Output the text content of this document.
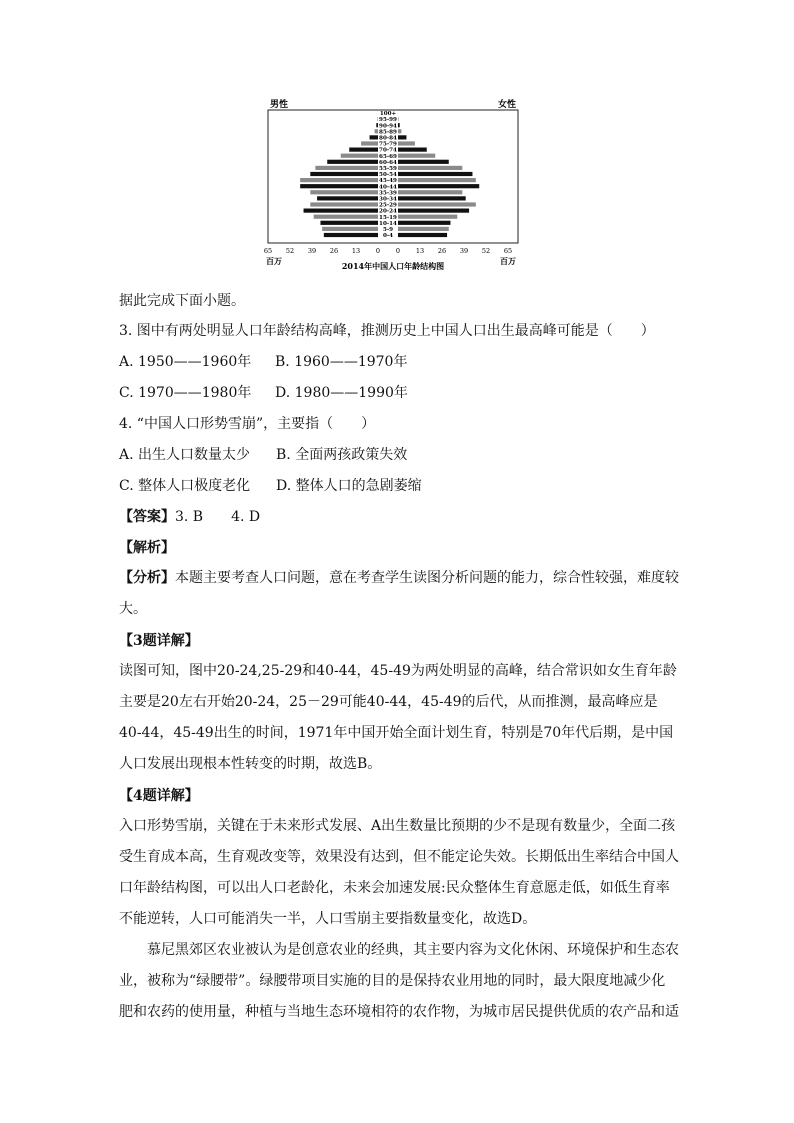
男性	女性
0-4
5-9
10-14
15-19
20-24
25-29
30-34
35-39
40-44
45-49
50-54
55-59
60-64
65-69
70-74
75-79
80-84
85-89
90-94
95-99
100+
65 52 39 26 13 0 0 13 26 39 52 65
百万	百万
2014年中国人口年龄结构图
据此完成下面小题。
3. 图中有两处明显人口年龄结构高峰，推测历史上中国人口出生最高峰可能是（　　）
A. 1950——1960年 B. 1960——1970年
C. 1970——1980年 D. 1980——1990年
4. “中国人口形势雪崩”，主要指（　　）
A. 出生人口数量太少 B. 全面两孩政策失效
C. 整体人口极度老化 D. 整体人口的急剧萎缩
【答案】3. B　　4. D
【解析】
【分析】本题主要考查人口问题，意在考查学生读图分析问题的能力，综合性较强，难度较大。
【3题详解】
读图可知，图中20-24,25-29和40-44，45-49为两处明显的高峰，结合常识如女生育年龄主要是20左右开始20-24，25－29可能40-44，45-49的后代，从而推测，最高峰应是40-44，45-49出生的时间，1971年中国开始全面计划生育，特别是70年代后期，是中国人口发展出现根本性转变的时期，故选B。
【4题详解】
入口形势雪崩，关键在于未来形式发展、A出生数量比预期的少不是现有数量少，全面二孩受生育成本高，生育观改变等，效果没有达到，但不能定论失效。长期低出生率结合中国人口年龄结构图，可以出人口老龄化，未来会加速发展:民众整体生育意愿走低，如低生育率不能逆转，人口可能消失一半，人口雪崩主要指数量变化，故选D。
慕尼黑郊区农业被认为是创意农业的经典，其主要内容为文化休闲、环境保护和生态农业，被称为“绿腰带”。绿腰带项目实施的目的是保持农业用地的同时，最大限度地减少化肥和农药的使用量，种植与当地生态环境相符的农作物，为城市居民提供优质的农产品和适
